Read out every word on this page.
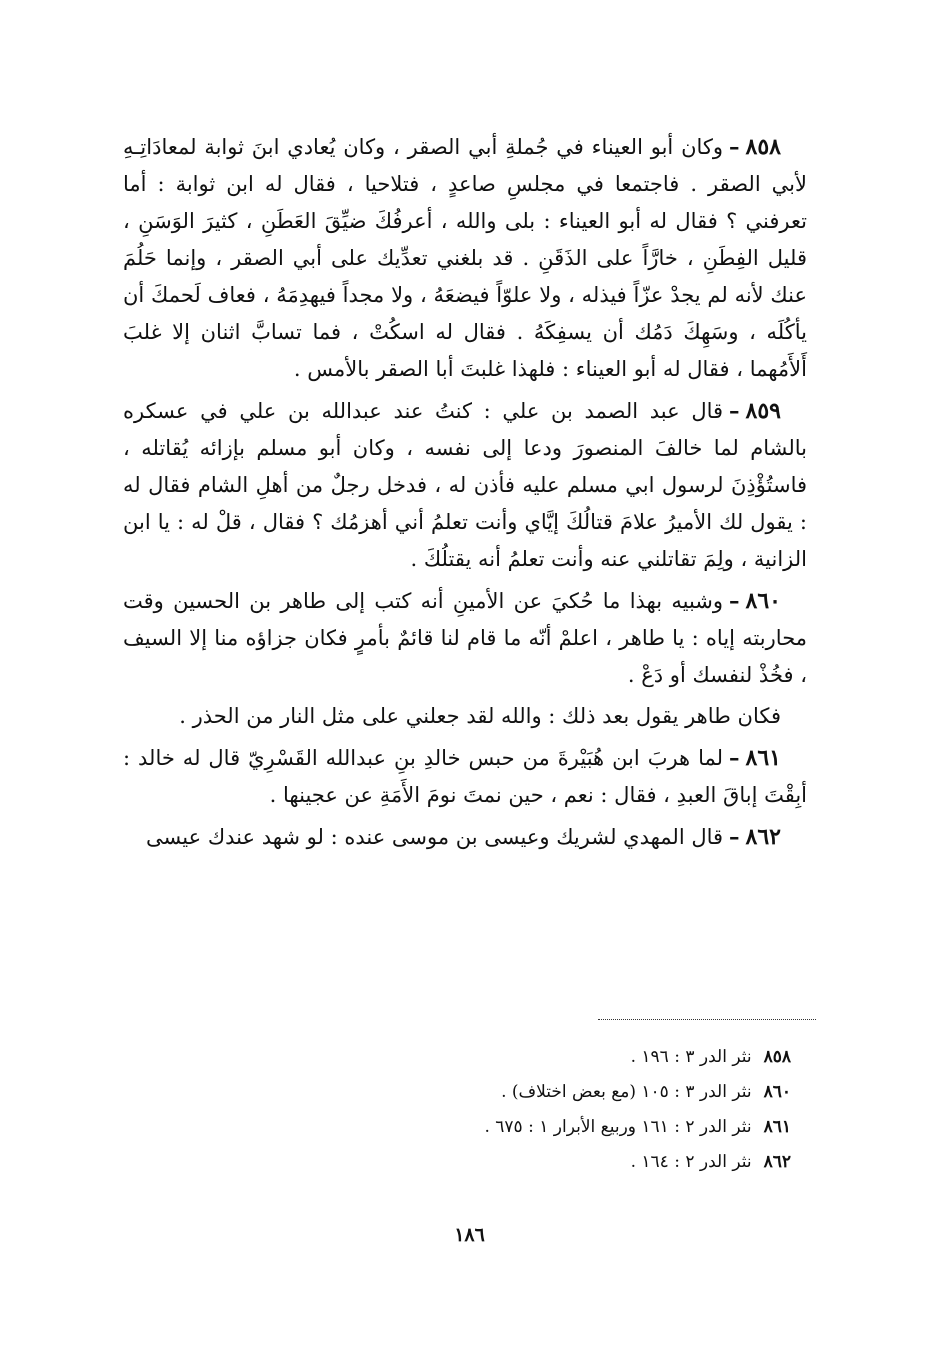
٨٥٨–وكان أبو العيناء في جُملةِ أبي الصقر ، وكان يُعادي ابنَ ثوابة لمعادَاتِـهِ لأبي الصقر . فاجتمعا في مجلسِ صاعدٍ ، فتلاحيا ، فقال له ابن ثوابة : أما تعرفني ؟ فقال له أبو العيناء : بلى والله ، أعرفُكَ ضيِّقَ العَطَنِ ، كثيرَ الوَسَنِ ، قليل الفِطَنِ ، خارَّاً على الذَقَنِ . قد بلغني تعدِّيك على أبي الصقر ، وإنما حَلُمَ عنك لأنه لم يجدْ عزّاً فيذله ، ولا علوّاً فيضعَهُ ، ولا مجداً فيهدِمَهُ ، فعاف لَحمكَ أن يأكُلَه ، وسَهِكَ دَمُك أن يسفِكَهُ . فقال له اسكُتْ ، فما تسابَّ اثنان إلا غلبَ أَلأَمُهما ، فقال له أبو العيناء : فلهذا غلبتَ أبا الصقر بالأمس .

٨٥٩–قال عبد الصمد بن علي : كنتُ عند عبدالله بن علي في عسكره بالشام لما خالفَ المنصورَ ودعا إلى نفسه ، وكان أبو مسلم بإزائه يُقاتله ، فاستُؤْذِنَ لرسول ابي مسلم عليه فأذن له ، فدخل رجلٌ من أهلِ الشام فقال له : يقول لك الأميرُ علامَ قتالُكَ إيَّاي وأنت تعلمُ أني أهزمُك ؟ فقال ، قلْ له : يا ابن الزانية ، ولِمَ تقاتلني عنه وأنت تعلمُ أنه يقتلُكَ .

٨٦٠–وشبيه بهذا ما حُكيَ عن الأمينِ أنه كتب إلى طاهر بن الحسين وقت محاربته إياه : يا طاهر ، اعلمْ أنّه ما قام لنا قائمٌ بأمرٍ فكان جزاؤه منا إلا السيف ، فخُذْ لنفسك أو دَعْ .

فكان طاهر يقول بعد ذلك : والله لقد جعلني على مثل النار من الحذر .

٨٦١–لما هربَ ابن هُبَيْرةَ من حبس خالدِ بنِ عبدالله القَسْرِيّ قال له خالد : أبِقْتَ إباقَ العبدِ ، فقال : نعم ، حين نمتَ نومَ الأَمَةِ عن عجينها .

٨٦٢–قال المهدي لشريك وعيسى بن موسى عنده : لو شهد عندك عيسى

٨٥٨نثر الدر ٣ : ١٩٦ .
٨٦٠نثر الدر ٣ : ١٠٥ (مع بعض اختلاف) .
٨٦١نثر الدر ٢ : ١٦١ وربيع الأبرار ١ : ٦٧٥ .
٨٦٢نثر الدر ٢ : ١٦٤ .
١٨٦
